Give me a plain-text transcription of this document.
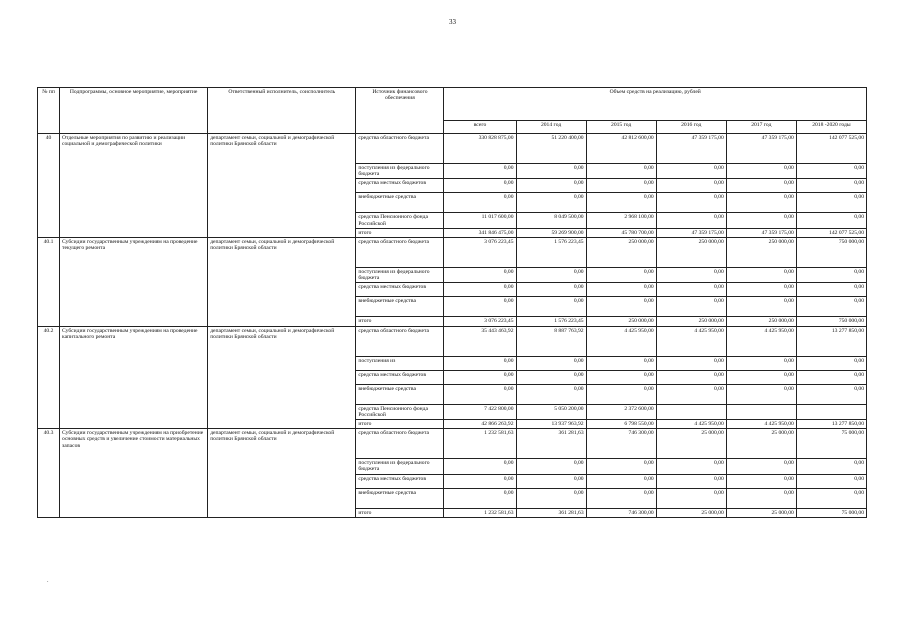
33
№ пп	Подпрограммы, основное мероприятие, мероприятие	Ответственный исполнитель, соисполнитель	Источник финансового обеспечения	Объем средств на реализацию, рублей					
				всего	2014 год	2015 год	2016 год	2017 год	2018 -2020 годы
40	Отдельные мероприятия по развитию и реализации социальной и демографической политики	департамент семьи, социальной и демографической политики Брянской области	средства областного бюджета	330 828 875,00	51 220 400,00	42 812 600,00	47 359 175,00	47 359 175,00	142 077 525,00
			поступления из федерального бюджета	0,00	0,00	0,00	0,00	0,00	0,00
			средства местных бюджетов	0,00	0,00	0,00	0,00	0,00	0,00
			внебюджетные средства	0,00	0,00	0,00	0,00	0,00	0,00
			средства Пенсионного фонда Российской	11 017 600,00	8 049 500,00	2 968 100,00	0,00	0,00	0,00
			итого	341 846 475,00	59 269 900,00	45 780 700,00	47 359 175,00	47 359 175,00	142 077 525,00
40.1	Субсидии государственным учреждениям на проведение текущего ремонта	департамент семьи, социальной и демографической политики Брянской области	средства областного бюджета	3 076 223,45	1 576 223,45	250 000,00	250 000,00	250 000,00	750 000,00
			поступления из федерального бюджета	0,00	0,00	0,00	0,00	0,00	0,00
			средства местных бюджетов	0,00	0,00	0,00	0,00	0,00	0,00
			внебюджетные средства	0,00	0,00	0,00	0,00	0,00	0,00
			итого	3 076 223,45	1 576 223,45	250 000,00	250 000,00	250 000,00	750 000,00
40.2	Субсидии государственным учреждениям на проведение капитального ремонта	департамент семьи, социальной и демографической политики Брянской области	средства областного бюджета	35 443 463,92	8 887 763,92	4 425 950,00	4 425 950,00	4 425 950,00	13 277 850,00
			поступления из	0,00	0,00	0,00	0,00	0,00	0,00
			средства местных бюджетов	0,00	0,00	0,00	0,00	0,00	0,00
			внебюджетные средства	0,00	0,00	0,00	0,00	0,00	0,00
			средства Пенсионного фонда Российской	7 422 800,00	5 050 200,00	2 372 600,00			
			итого	42 866 263,92	13 937 963,92	6 798 550,00	4 425 950,00	4 425 950,00	13 277 850,00
40.3	Субсидии государственным учреждениям на приобретение основных средств и увеличение стоимости материальных запасов	департамент семьи, социальной и демографической политики Брянской области	средства областного бюджета	1 232 581,63	361 281,63	746 300,00	25 000,00	25 000,00	75 000,00
			поступления из федерального бюджета	0,00	0,00	0,00	0,00	0,00	0,00
			средства местных бюджетов	0,00	0,00	0,00	0,00	0,00	0,00
			внебюджетные средства	0,00	0,00	0,00	0,00	0,00	0,00
			итого	1 232 581,63	361 281,63	746 300,00	25 000,00	25 000,00	75 000,00
.
